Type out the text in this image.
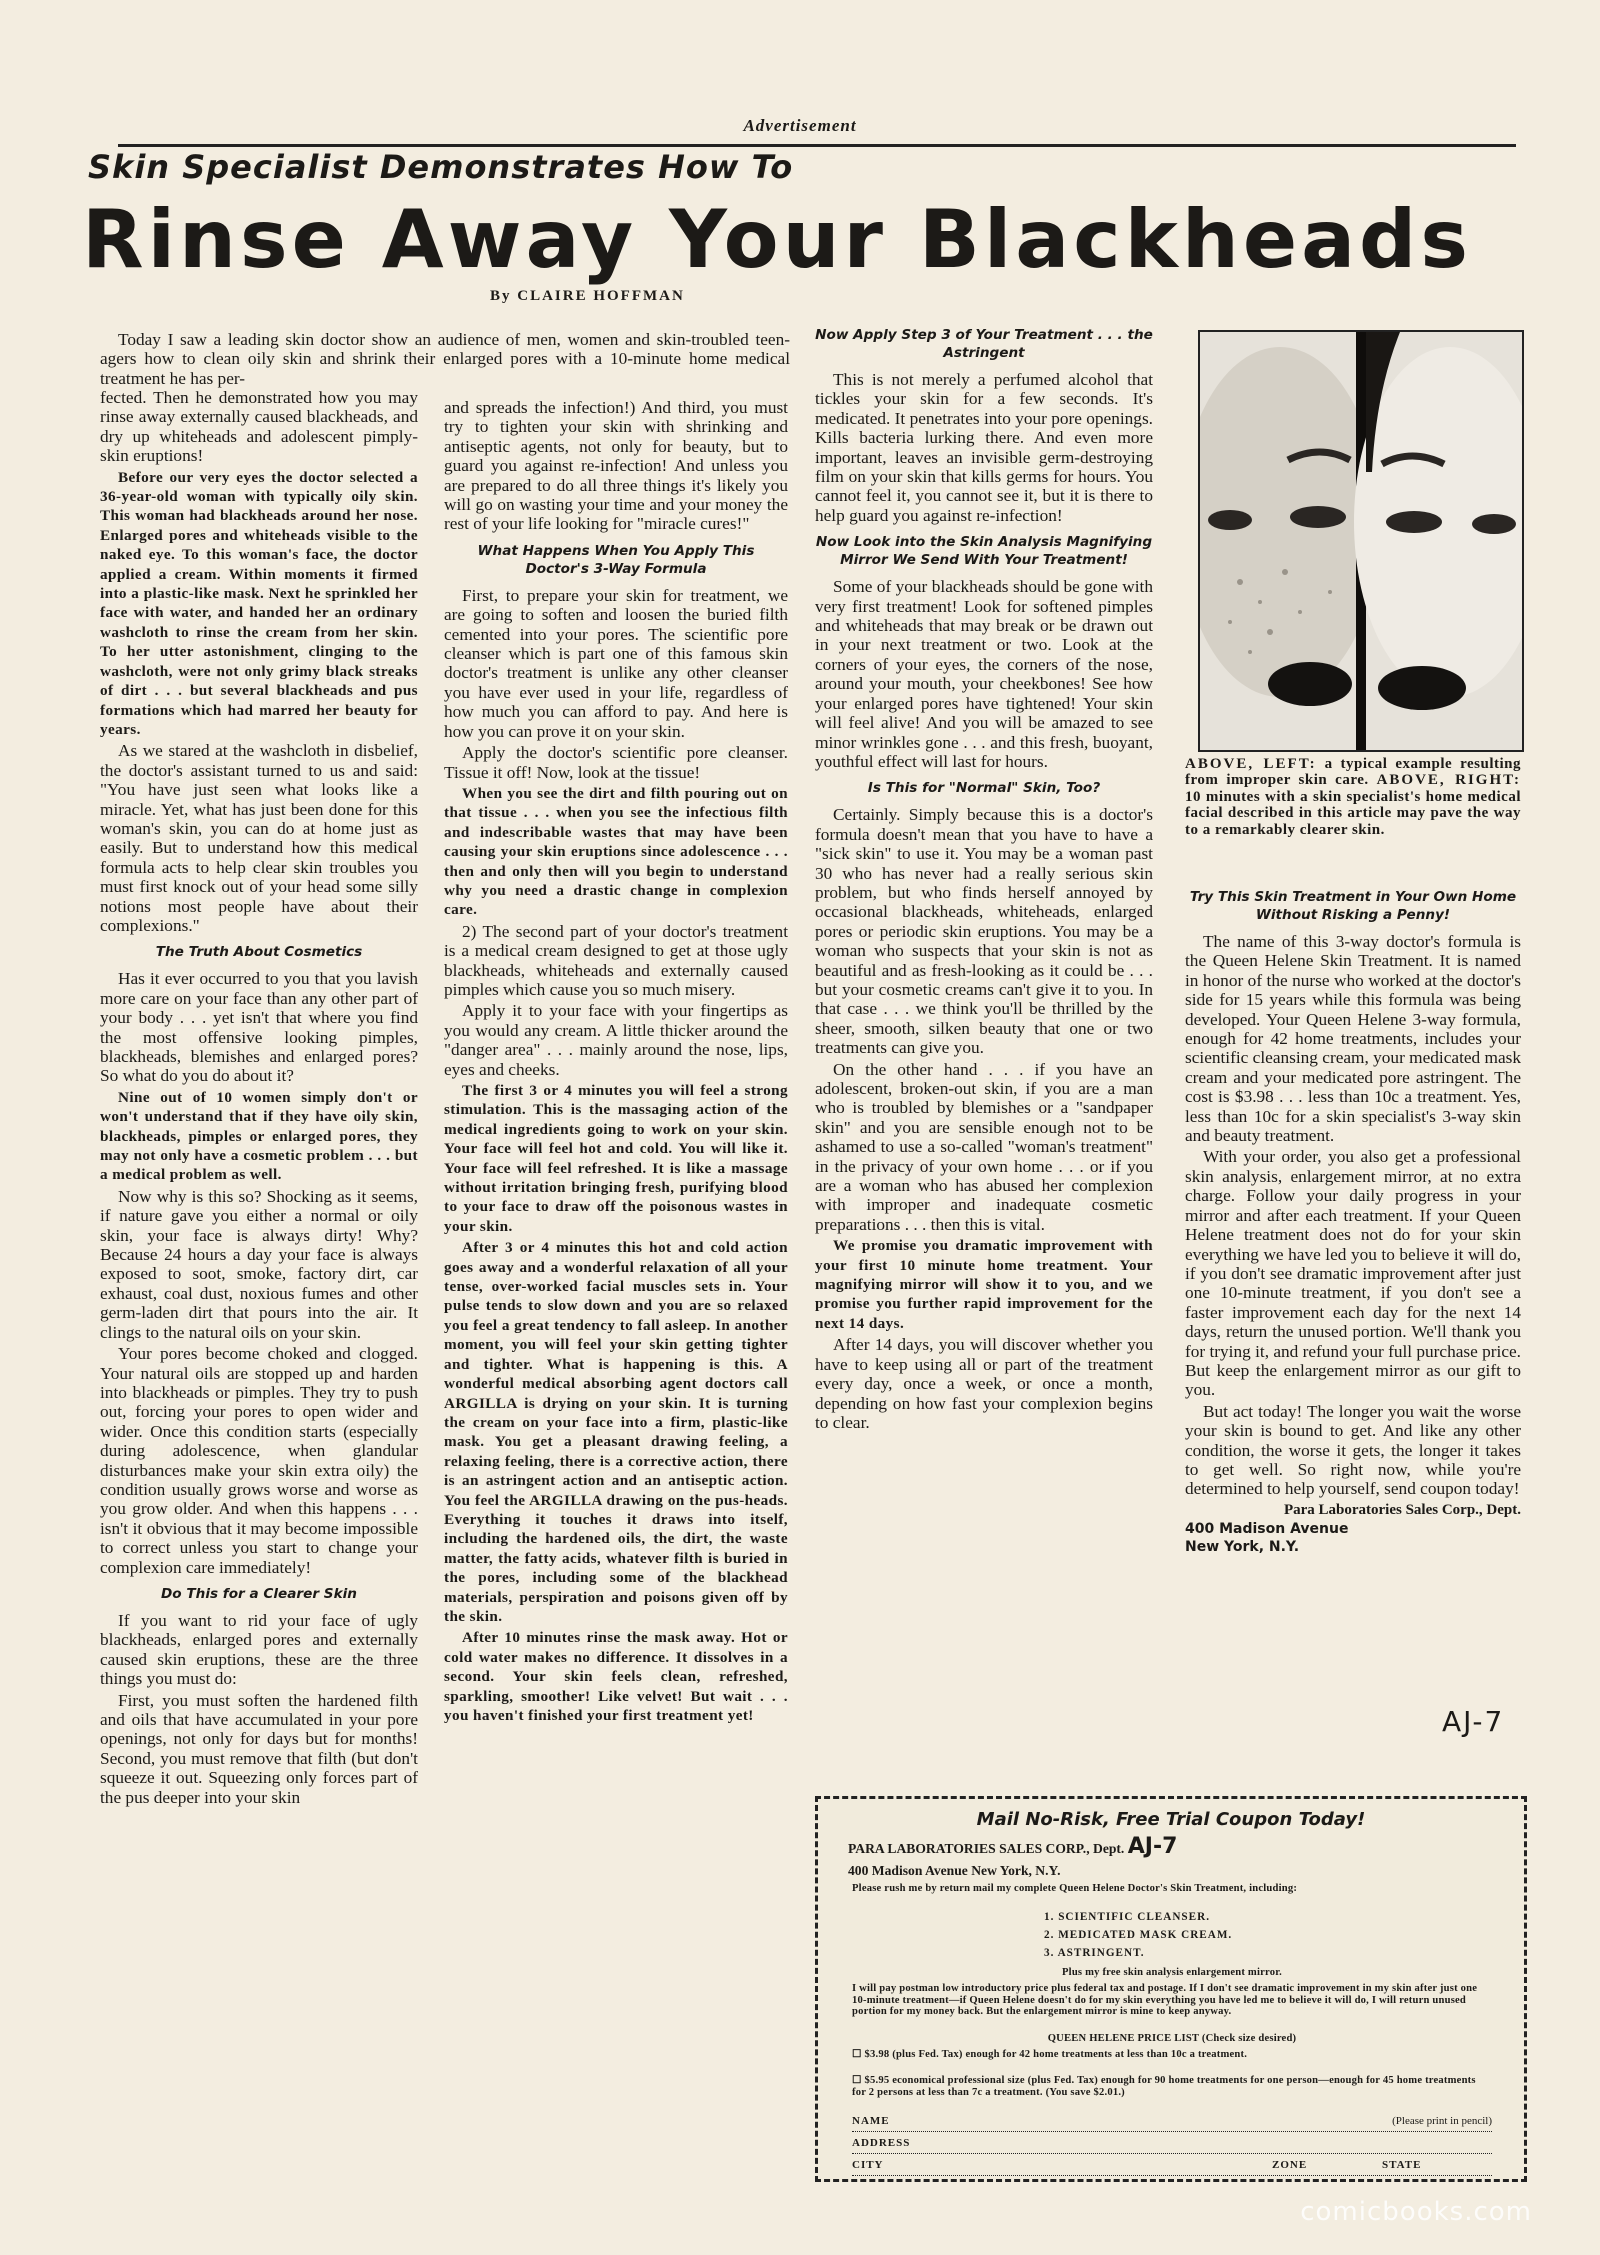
Advertisement
Skin Specialist Demonstrates How To
Rinse Away Your Blackheads
By CLAIRE HOFFMAN

Today I saw a leading skin doctor show an audience of men, women and skin-troubled teen-agers how to clean oily skin and shrink their enlarged pores with a 10-minute home medical treatment he has per-

fected. Then he demonstrated how you may rinse away externally caused blackheads, and dry up whiteheads and adolescent pimply-skin eruptions!

Before our very eyes the doctor selected a 36-year-old woman with typically oily skin. This woman had blackheads around her nose. Enlarged pores and whiteheads visible to the naked eye. To this woman's face, the doctor applied a cream. Within moments it firmed into a plastic-like mask. Next he sprinkled her face with water, and handed her an ordinary washcloth to rinse the cream from her skin. To her utter astonishment, clinging to the washcloth, were not only grimy black streaks of dirt . . . but several blackheads and pus formations which had marred her beauty for years.

As we stared at the washcloth in disbelief, the doctor's assistant turned to us and said: "You have just seen what looks like a miracle. Yet, what has just been done for this woman's skin, you can do at home just as easily. But to understand how this medical formula acts to help clear skin troubles you must first knock out of your head some silly notions most people have about their complexions."

The Truth About Cosmetics

Has it ever occurred to you that you lavish more care on your face than any other part of your body . . . yet isn't that where you find the most offensive looking pimples, blackheads, blemishes and enlarged pores? So what do you do about it?

Nine out of 10 women simply don't or won't understand that if they have oily skin, blackheads, pimples or enlarged pores, they may not only have a cosmetic problem . . . but a medical problem as well.

Now why is this so? Shocking as it seems, if nature gave you either a normal or oily skin, your face is always dirty! Why? Because 24 hours a day your face is always exposed to soot, smoke, factory dirt, car exhaust, coal dust, noxious fumes and other germ-laden dirt that pours into the air. It clings to the natural oils on your skin.

Your pores become choked and clogged. Your natural oils are stopped up and harden into blackheads or pimples. They try to push out, forcing your pores to open wider and wider. Once this condition starts (especially during adolescence, when glandular disturbances make your skin extra oily) the condition usually grows worse and worse as you grow older. And when this happens . . . isn't it obvious that it may become impossible to correct unless you start to change your complexion care immediately!

Do This for a Clearer Skin

If you want to rid your face of ugly blackheads, enlarged pores and externally caused skin eruptions, these are the three things you must do:

First, you must soften the hardened filth and oils that have accumulated in your pore openings, not only for days but for months! Second, you must remove that filth (but don't squeeze it out. Squeezing only forces part of the pus deeper into your skin

and spreads the infection!) And third, you must try to tighten your skin with shrinking and antiseptic agents, not only for beauty, but to guard you against re-infection! And unless you are prepared to do all three things it's likely you will go on wasting your time and your money the rest of your life looking for "miracle cures!"

What Happens When You Apply This Doctor's 3-Way Formula

First, to prepare your skin for treatment, we are going to soften and loosen the buried filth cemented into your pores. The scientific pore cleanser which is part one of this famous skin doctor's treatment is unlike any other cleanser you have ever used in your life, regardless of how much you can afford to pay. And here is how you can prove it on your skin.

Apply the doctor's scientific pore cleanser. Tissue it off! Now, look at the tissue!

When you see the dirt and filth pouring out on that tissue . . . when you see the infectious filth and indescribable wastes that may have been causing your skin eruptions since adolescence . . . then and only then will you begin to understand why you need a drastic change in complexion care.

2) The second part of your doctor's treatment is a medical cream designed to get at those ugly blackheads, whiteheads and externally caused pimples which cause you so much misery.

Apply it to your face with your fingertips as you would any cream. A little thicker around the "danger area" . . . mainly around the nose, lips, eyes and cheeks.

The first 3 or 4 minutes you will feel a strong stimulation. This is the massaging action of the medical ingredients going to work on your skin. Your face will feel hot and cold. You will like it. Your face will feel refreshed. It is like a massage without irritation bringing fresh, purifying blood to your face to draw off the poisonous wastes in your skin.

After 3 or 4 minutes this hot and cold action goes away and a wonderful relaxation of all your tense, over-worked facial muscles sets in. Your pulse tends to slow down and you are so relaxed you feel a great tendency to fall asleep. In another moment, you will feel your skin getting tighter and tighter. What is happening is this. A wonderful medical absorbing agent doctors call ARGILLA is drying on your skin. It is turning the cream on your face into a firm, plastic-like mask. You get a pleasant drawing feeling, a relaxing feeling, there is a corrective action, there is an astringent action and an antiseptic action. You feel the ARGILLA drawing on the pus-heads. Everything it touches it draws into itself, including the hardened oils, the dirt, the waste matter, the fatty acids, whatever filth is buried in the pores, including some of the blackhead materials, perspiration and poisons given off by the skin.

After 10 minutes rinse the mask away. Hot or cold water makes no difference. It dissolves in a second. Your skin feels clean, refreshed, sparkling, smoother! Like velvet! But wait . . . you haven't finished your first treatment yet!

Now Apply Step 3 of Your Treatment . . . the Astringent

This is not merely a perfumed alcohol that tickles your skin for a few seconds. It's medicated. It penetrates into your pore openings. Kills bacteria lurking there. And even more important, leaves an invisible germ-destroying film on your skin that kills germs for hours. You cannot feel it, you cannot see it, but it is there to help guard you against re-infection!

Now Look into the Skin Analysis Magnifying Mirror We Send With Your Treatment!

Some of your blackheads should be gone with very first treatment! Look for softened pimples and whiteheads that may break or be drawn out in your next treatment or two. Look at the corners of your eyes, the corners of the nose, around your mouth, your cheekbones! See how your enlarged pores have tightened! Your skin will feel alive! And you will be amazed to see minor wrinkles gone . . . and this fresh, buoyant, youthful effect will last for hours.

Is This for "Normal" Skin, Too?

Certainly. Simply because this is a doctor's formula doesn't mean that you have to have a "sick skin" to use it. You may be a woman past 30 who has never had a really serious skin problem, but who finds herself annoyed by occasional blackheads, whiteheads, enlarged pores or periodic skin eruptions. You may be a woman who suspects that your skin is not as beautiful and as fresh-looking as it could be . . . but your cosmetic creams can't give it to you. In that case . . . we think you'll be thrilled by the sheer, smooth, silken beauty that one or two treatments can give you.

On the other hand . . . if you have an adolescent, broken-out skin, if you are a man who is troubled by blemishes or a "sandpaper skin" and you are sensible enough not to be ashamed to use a so-called "woman's treatment" in the privacy of your own home . . . or if you are a woman who has abused her complexion with improper and inadequate cosmetic preparations . . . then this is vital.

We promise you dramatic improvement with your first 10 minute home treatment. Your magnifying mirror will show it to you, and we promise you further rapid improvement for the next 14 days.

After 14 days, you will discover whether you have to keep using all or part of the treatment every day, once a week, or once a month, depending on how fast your complexion begins to clear.

ABOVE, LEFT: a typical example resulting from improper skin care. ABOVE, RIGHT: 10 minutes with a skin specialist's home medical facial described in this article may pave the way to a remarkably clearer skin.
Try This Skin Treatment in Your Own Home Without Risking a Penny!

The name of this 3-way doctor's formula is the Queen Helene Skin Treatment. It is named in honor of the nurse who worked at the doctor's side for 15 years while this formula was being developed. Your Queen Helene 3-way formula, enough for 42 home treatments, includes your scientific cleansing cream, your medicated mask cream and your medicated pore astringent. The cost is $3.98 . . . less than 10c a treatment. Yes, less than 10c for a skin specialist's 3-way skin and beauty treatment.

With your order, you also get a professional skin analysis, enlargement mirror, at no extra charge. Follow your daily progress in your mirror and after each treatment. If your Queen Helene treatment does not do for your skin everything we have led you to believe it will do, if you don't see dramatic improvement after just one 10-minute treatment, if you don't see a faster improvement each day for the next 14 days, return the unused portion. We'll thank you for trying it, and refund your full purchase price. But keep the enlargement mirror as our gift to you.

But act today! The longer you wait the worse your skin is bound to get. And like any other condition, the worse it gets, the longer it takes to get well. So right now, while you're determined to help yourself, send coupon today!

Para Laboratories Sales Corp., Dept.
400 Madison Avenue
New York, N.Y.
AJ-7
Mail No-Risk, Free Trial Coupon Today!
PARA LABORATORIES SALES CORP., Dept. AJ-7
400 Madison Avenue New York, N.Y.
Please rush me by return mail my complete Queen Helene Doctor's Skin Treatment, including:
1. SCIENTIFIC CLEANSER.
2. MEDICATED MASK CREAM.
3. ASTRINGENT.
Plus my free skin analysis enlargement mirror.
I will pay postman low introductory price plus federal tax and postage. If I don't see dramatic improvement in my skin after just one 10-minute treatment—if Queen Helene doesn't do for my skin everything you have led me to believe it will do, I will return unused portion for my money back. But the enlargement mirror is mine to keep anyway.
QUEEN HELENE PRICE LIST (Check size desired)
☐ $3.98 (plus Fed. Tax) enough for 42 home treatments at less than 10c a treatment.
☐ $5.95 economical professional size (plus Fed. Tax) enough for 90 home treatments for one person—enough for 45 home treatments for 2 persons at less than 7c a treatment. (You save $2.01.)
NAME	(Please print in pencil)
ADDRESS
CITY	ZONE	STATE
comicbooks.com
